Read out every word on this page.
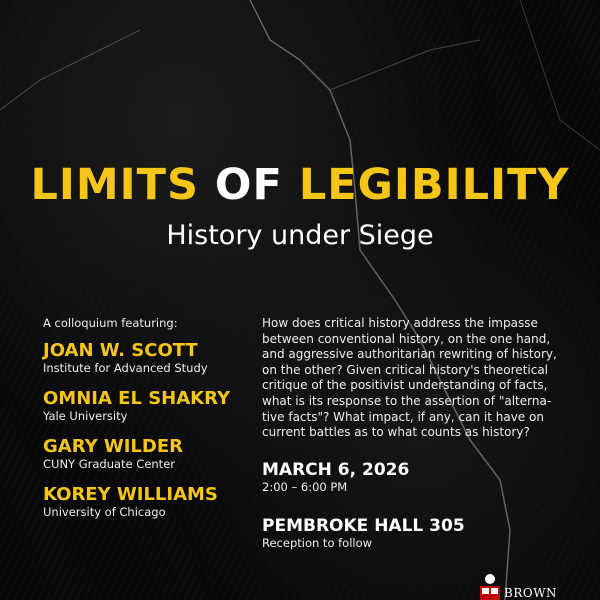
LIMITS OF LEGIBILITY
History under Siege
A colloquium featuring:
JOAN W. SCOTT
Institute for Advanced Study
OMNIA EL SHAKRY
Yale University
GARY WILDER
CUNY Graduate Center
KOREY WILLIAMS
University of Chicago

How does critical history address the impasse between conventional history, on the one hand, and aggressive authoritarian rewriting of history, on the other? Given critical history's theoretical critique of the positivist understanding of facts, what is its response to the assertion of "alterna-tive facts"? What impact, if any, can it have on current battles as to what counts as history?

MARCH 6, 2026
2:00 – 6:00 PM
PEMBROKE HALL 305
Reception to follow
BROWN
